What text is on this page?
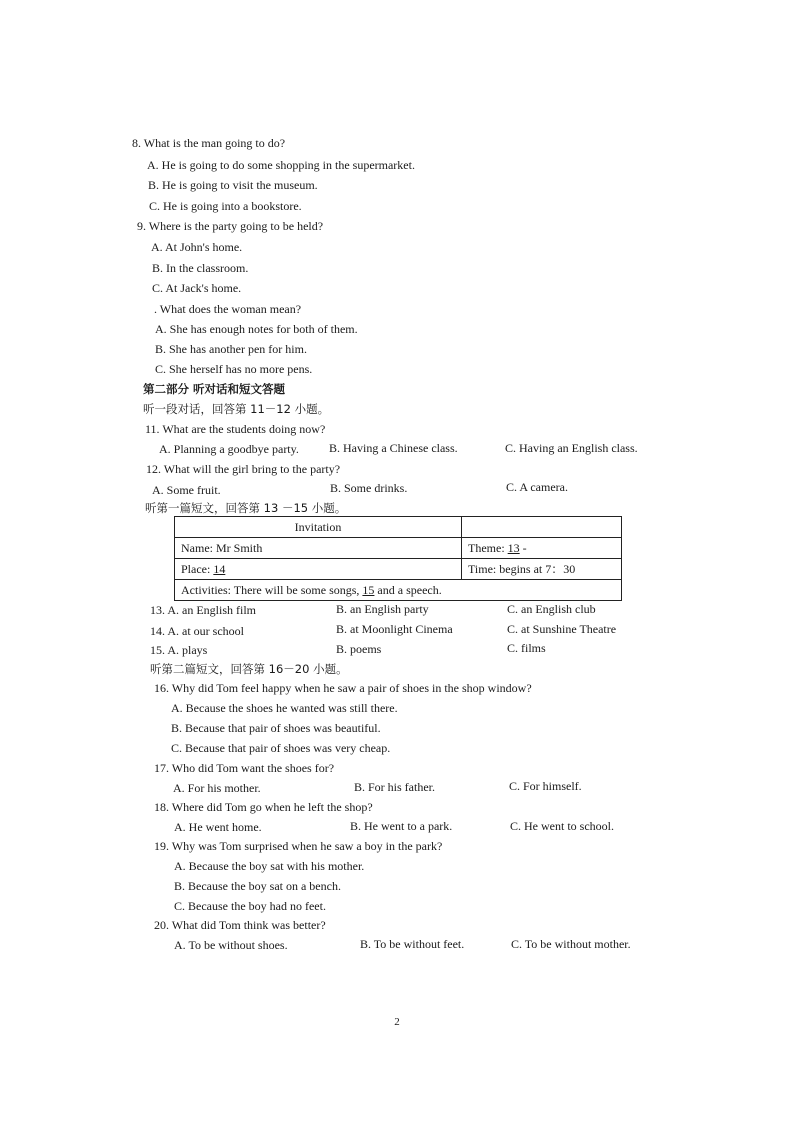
8. What is the man going to do?
A. He is going to do some shopping in the supermarket.
B. He is going to visit the museum.
C. He is going into a bookstore.
9. Where is the party going to be held?
A. At John's home.
B. In the classroom.
C. At Jack's home.
. What does the woman mean?
A. She has enough notes for both of them.
B. She has another pen for him.
C. She herself has no more pens.
第二部分 听对话和短文答题
听一段对话，回答第 11－12 小题。
11. What are the students doing now?
A. Planning a goodbye party.	B. Having a Chinese class.	C. Having an English class.
12. What will the girl bring to the party?
A. Some fruit.	B. Some drinks.	C. A camera.
听第一篇短文，回答第 13 －15 小题。
Invitation	
Name: Mr Smith	Theme: 13 -
Place: 14	Time: begins at 7：30
Activities: There will be some songs, 15 and a speech.	
13. A. an English film	B. an English party	C. an English club
14. A. at our school	B. at Moonlight Cinema	C. at Sunshine Theatre
15. A. plays	B. poems	C. films
听第二篇短文，回答第 16－20 小题。
16. Why did Tom feel happy when he saw a pair of shoes in the shop window?
A. Because the shoes he wanted was still there.
B. Because that pair of shoes was beautiful.
C. Because that pair of shoes was very cheap.
17. Who did Tom want the shoes for?
A. For his mother.	B. For his father.	C. For himself.
18. Where did Tom go when he left the shop?
A. He went home.	B. He went to a park.	C. He went to school.
19. Why was Tom surprised when he saw a boy in the park?
A. Because the boy sat with his mother.
B. Because the boy sat on a bench.
C. Because the boy had no feet.
20. What did Tom think was better?
A. To be without shoes.	B. To be without feet.	C. To be without mother.
2
